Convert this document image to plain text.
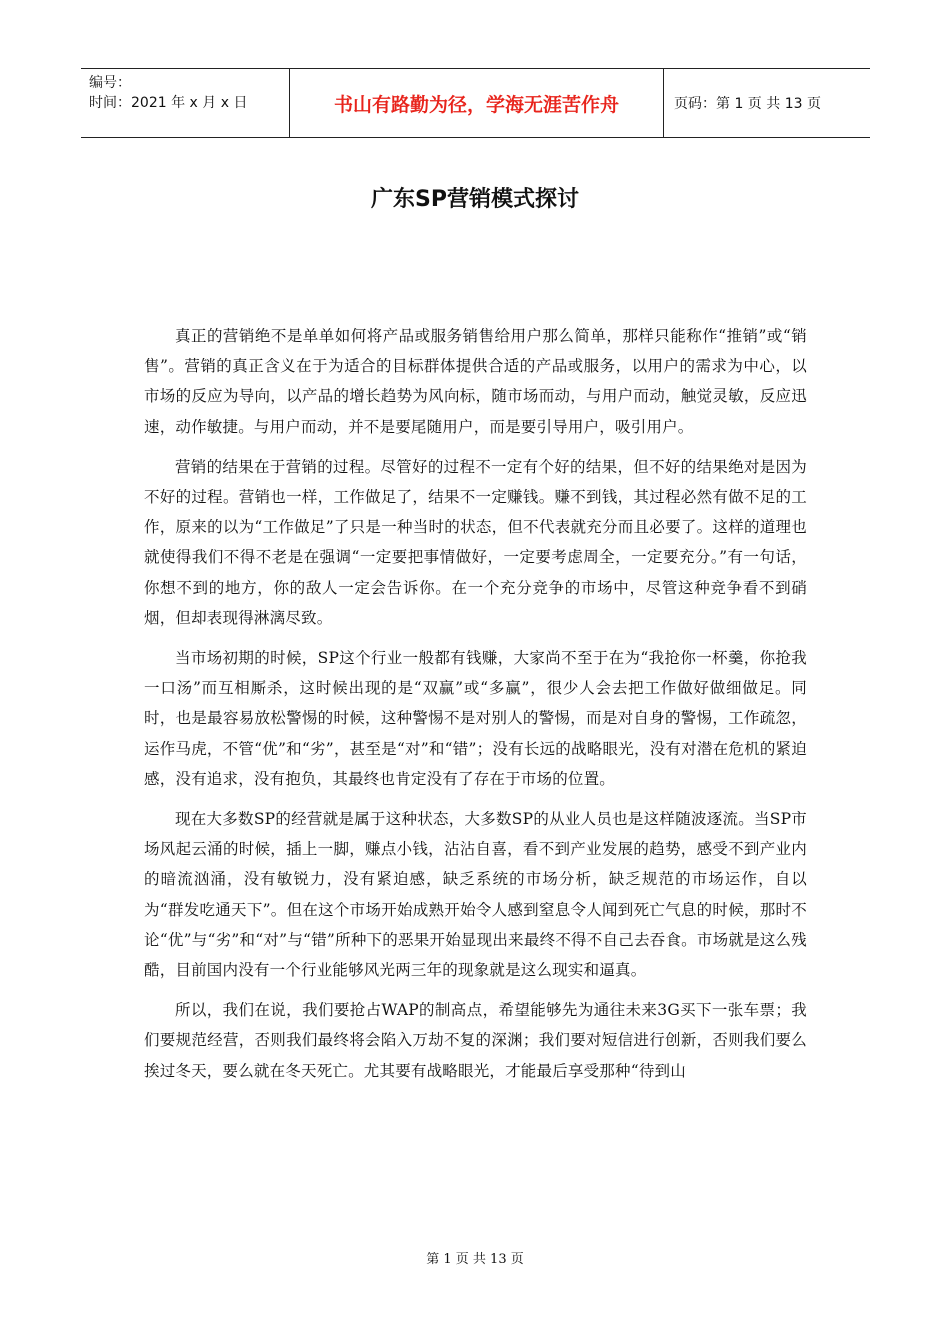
编号：
时间：2021 年 x 月 x 日	书山有路勤为径，学海无涯苦作舟	页码：第 1 页 共 13 页
广东SP营销模式探讨

真正的营销绝不是单单如何将产品或服务销售给用户那么简单，那样只能称作“推销”或“销售”。营销的真正含义在于为适合的目标群体提供合适的产品或服务，以用户的需求为中心，以市场的反应为导向，以产品的增长趋势为风向标，随市场而动，与用户而动，触觉灵敏，反应迅速，动作敏捷。与用户而动，并不是要尾随用户，而是要引导用户，吸引用户。

营销的结果在于营销的过程。尽管好的过程不一定有个好的结果，但不好的结果绝对是因为不好的过程。营销也一样，工作做足了，结果不一定赚钱。赚不到钱，其过程必然有做不足的工作，原来的以为“工作做足”了只是一种当时的状态，但不代表就充分而且必要了。这样的道理也就使得我们不得不老是在强调“一定要把事情做好，一定要考虑周全，一定要充分。”有一句话，你想不到的地方，你的敌人一定会告诉你。在一个充分竞争的市场中，尽管这种竞争看不到硝烟，但却表现得淋漓尽致。

当市场初期的时候，SP这个行业一般都有钱赚，大家尚不至于在为“我抢你一杯羹，你抢我一口汤”而互相厮杀，这时候出现的是“双赢”或“多赢”，很少人会去把工作做好做细做足。同时，也是最容易放松警惕的时候，这种警惕不是对别人的警惕，而是对自身的警惕，工作疏忽，运作马虎，不管“优”和“劣”，甚至是“对”和“错”；没有长远的战略眼光，没有对潜在危机的紧迫感，没有追求，没有抱负，其最终也肯定没有了存在于市场的位置。

现在大多数SP的经营就是属于这种状态，大多数SP的从业人员也是这样随波逐流。当SP市场风起云涌的时候，插上一脚，赚点小钱，沾沾自喜，看不到产业发展的趋势，感受不到产业内的暗流汹涌，没有敏锐力，没有紧迫感，缺乏系统的市场分析，缺乏规范的市场运作，自以为“群发吃通天下”。但在这个市场开始成熟开始令人感到窒息令人闻到死亡气息的时候，那时不论“优”与“劣”和“对”与“错”所种下的恶果开始显现出来最终不得不自己去吞食。市场就是这么残酷，目前国内没有一个行业能够风光两三年的现象就是这么现实和逼真。

所以，我们在说，我们要抢占WAP的制高点，希望能够先为通往未来3G买下一张车票；我们要规范经营，否则我们最终将会陷入万劫不复的深渊；我们要对短信进行创新，否则我们要么挨过冬天，要么就在冬天死亡。尤其要有战略眼光，才能最后享受那种“待到山

第 1 页 共 13 页
